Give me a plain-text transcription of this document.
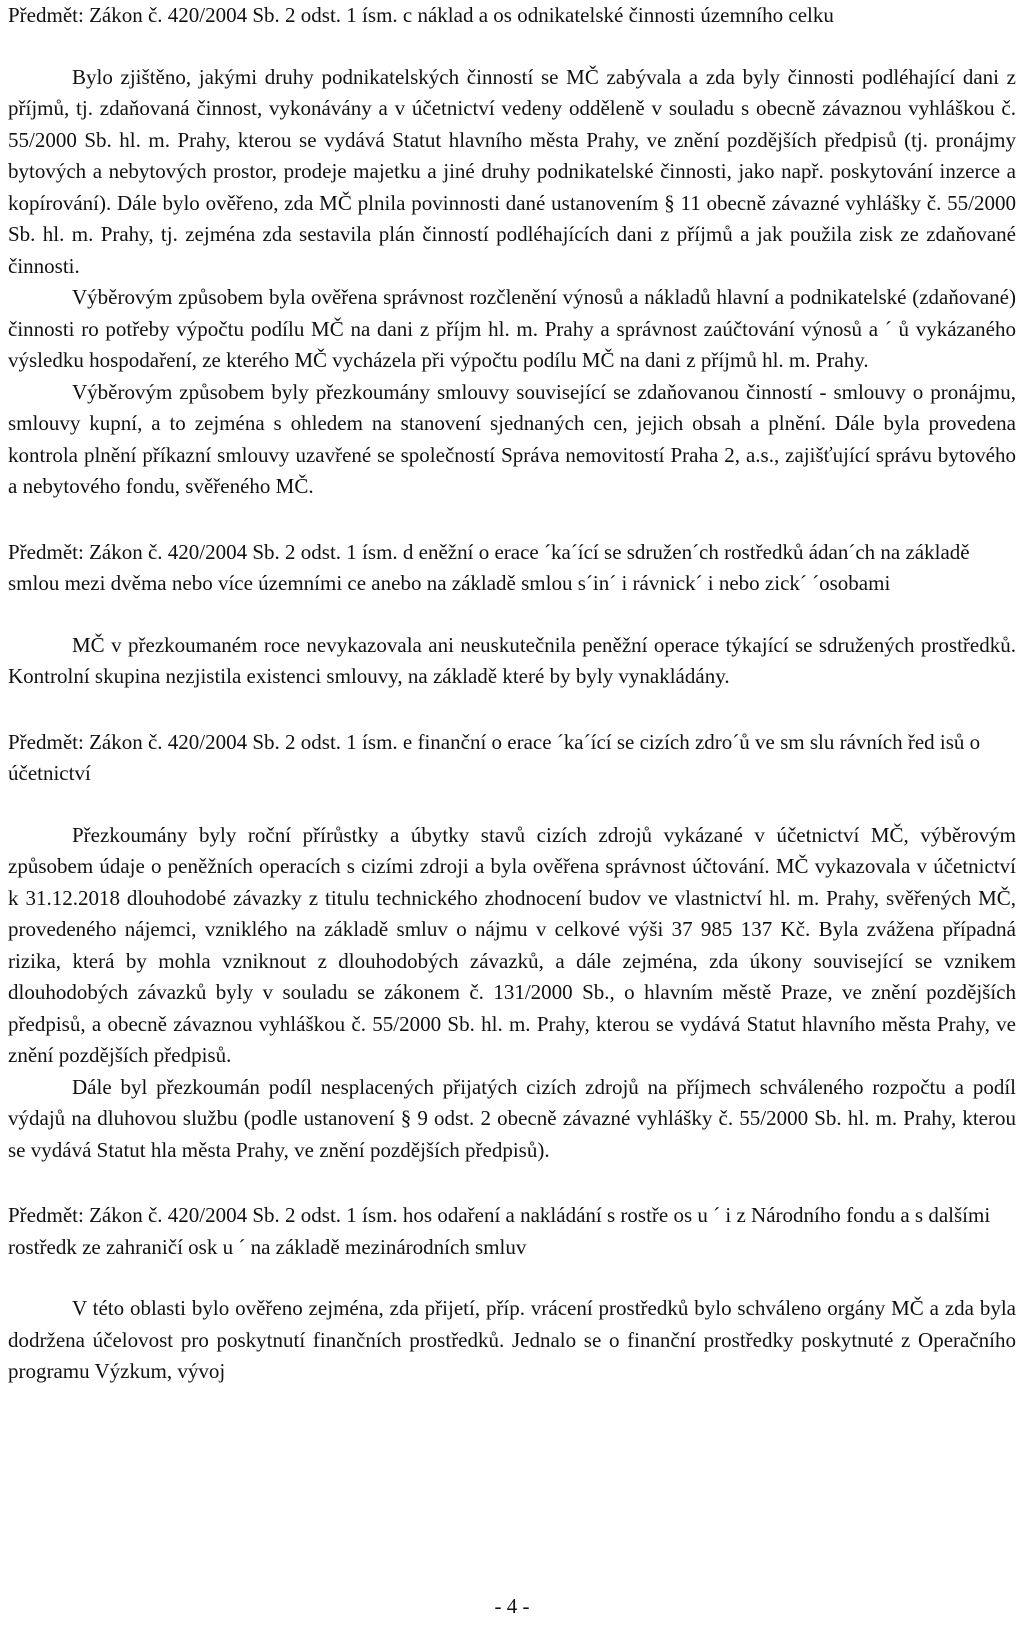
Předmět: Zákon č. 420/2004 Sb. 2 odst. 1 ísm. c náklad a os odnikatelské činnosti územního celku

Bylo zjištěno, jakými druhy podnikatelských činností se MČ zabývala a zda byly činnosti podléhající dani z příjmů, tj. zdaňovaná činnost, vykonávány a v účetnictví vedeny odděleně v souladu s obecně závaznou vyhláškou č. 55/2000 Sb. hl. m. Prahy, kterou se vydává Statut hlavního města Prahy, ve znění pozdějších předpisů (tj. pronájmy bytových a nebytových prostor, prodeje majetku a jiné druhy podnikatelské činnosti, jako např. poskytování inzerce a kopírování). Dále bylo ověřeno, zda MČ plnila povinnosti dané ustanovením § 11 obecně závazné vyhlášky č. 55/2000 Sb. hl. m. Prahy, tj. zejména zda sestavila plán činností podléhajících dani z příjmů a jak použila zisk ze zdaňované činnosti.

Výběrovým způsobem byla ověřena správnost rozčlenění výnosů a nákladů hlavní a podnikatelské (zdaňované) činnosti ro potřeby výpočtu podílu MČ na dani z příjm hl. m. Prahy a správnost zaúčtování výnosů a ´ ů vykázaného výsledku hospodaření, ze kterého MČ vycházela při výpočtu podílu MČ na dani z příjmů hl. m. Prahy.

Výběrovým způsobem byly přezkoumány smlouvy související se zdaňovanou činností - smlouvy o pronájmu, smlouvy kupní, a to zejména s ohledem na stanovení sjednaných cen, jejich obsah a plnění. Dále byla provedena kontrola plnění příkazní smlouvy uzavřené se společností Správa nemovitostí Praha 2, a.s., zajišťující správu bytového a nebytového fondu, svěřeného MČ.

Předmět: Zákon č. 420/2004 Sb. 2 odst. 1 ísm. d eněžní o erace ´ka´ící se sdružen´ch rostředků ádan´ch na základě smlou mezi dvěma nebo více územními ce anebo na základě smlou s´in´ i rávnick´ i nebo zick´ ´osobami

MČ v přezkoumaném roce nevykazovala ani neuskutečnila peněžní operace týkající se sdružených prostředků. Kontrolní skupina nezjistila existenci smlouvy, na základě které by byly vynakládány.

Předmět: Zákon č. 420/2004 Sb. 2 odst. 1 ísm. e finanční o erace ´ka´ící se cizích zdro´ů ve sm slu rávních řed isů o účetnictví

Přezkoumány byly roční přírůstky a úbytky stavů cizích zdrojů vykázané v účetnictví MČ, výběrovým způsobem údaje o peněžních operacích s cizími zdroji a byla ověřena správnost účtování. MČ vykazovala v účetnictví k 31.12.2018 dlouhodobé závazky z titulu technického zhodnocení budov ve vlastnictví hl. m. Prahy, svěřených MČ, provedeného nájemci, vzniklého na základě smluv o nájmu v celkové výši 37 985 137 Kč. Byla zvážena případná rizika, která by mohla vzniknout z dlouhodobých závazků, a dále zejména, zda úkony související se vznikem dlouhodobých závazků byly v souladu se zákonem č. 131/2000 Sb., o hlavním městě Praze, ve znění pozdějších předpisů, a obecně závaznou vyhláškou č. 55/2000 Sb. hl. m. Prahy, kterou se vydává Statut hlavního města Prahy, ve znění pozdějších předpisů.

Dále byl přezkoumán podíl nesplacených přijatých cizích zdrojů na příjmech schváleného rozpočtu a podíl výdajů na dluhovou službu (podle ustanovení § 9 odst. 2 obecně závazné vyhlášky č. 55/2000 Sb. hl. m. Prahy, kterou se vydává Statut hla města Prahy, ve znění pozdějších předpisů).

Předmět: Zákon č. 420/2004 Sb. 2 odst. 1 ísm. hos odaření a nakládání s rostře os u ´ i z Národního fondu a s dalšími rostředk ze zahraničí osk u ´ na základě mezinárodních smluv

V této oblasti bylo ověřeno zejména, zda přijetí, příp. vrácení prostředků bylo schváleno orgány MČ a zda byla dodržena účelovost pro poskytnutí finančních prostředků. Jednalo se o finanční prostředky poskytnuté z Operačního programu Výzkum, vývoj

- 4 -
